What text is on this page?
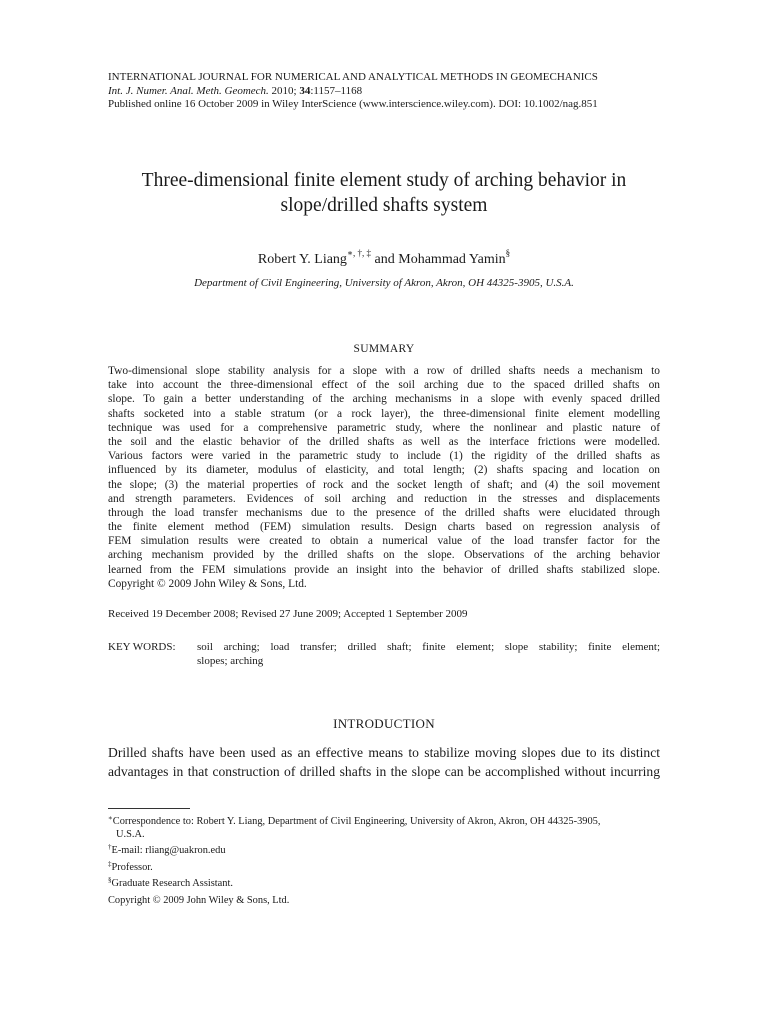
INTERNATIONAL JOURNAL FOR NUMERICAL AND ANALYTICAL METHODS IN GEOMECHANICS
Int. J. Numer. Anal. Meth. Geomech. 2010; 34:1157–1168
Published online 16 October 2009 in Wiley InterScience (www.interscience.wiley.com). DOI: 10.1002/nag.851
Three-dimensional finite element study of arching behavior in
slope/drilled shafts system
Robert Y. Liang∗, †, ‡ and Mohammad Yamin§
Department of Civil Engineering, University of Akron, Akron, OH 44325-3905, U.S.A.
SUMMARY
Two-dimensional slope stability analysis for a slope with a row of drilled shafts needs a mechanism to
take into account the three-dimensional effect of the soil arching due to the spaced drilled shafts on
slope. To gain a better understanding of the arching mechanisms in a slope with evenly spaced drilled
shafts socketed into a stable stratum (or a rock layer), the three-dimensional finite element modelling
technique was used for a comprehensive parametric study, where the nonlinear and plastic nature of
the soil and the elastic behavior of the drilled shafts as well as the interface frictions were modelled.
Various factors were varied in the parametric study to include (1) the rigidity of the drilled shafts as
influenced by its diameter, modulus of elasticity, and total length; (2) shafts spacing and location on
the slope; (3) the material properties of rock and the socket length of shaft; and (4) the soil movement
and strength parameters. Evidences of soil arching and reduction in the stresses and displacements
through the load transfer mechanisms due to the presence of the drilled shafts were elucidated through
the finite element method (FEM) simulation results. Design charts based on regression analysis of
FEM simulation results were created to obtain a numerical value of the load transfer factor for the
arching mechanism provided by the drilled shafts on the slope. Observations of the arching behavior
learned from the FEM simulations provide an insight into the behavior of drilled shafts stabilized slope.
Copyright © 2009 John Wiley & Sons, Ltd.
Received 19 December 2008; Revised 27 June 2009; Accepted 1 September 2009
KEY WORDS: soil arching; load transfer; drilled shaft; finite element; slope stability; finite element;
slopes; arching
INTRODUCTION
Drilled shafts have been used as an effective means to stabilize moving slopes due to its distinct
advantages in that construction of drilled shafts in the slope can be accomplished without incurring
∗Correspondence to: Robert Y. Liang, Department of Civil Engineering, University of Akron, Akron, OH 44325-3905,
U.S.A.
†E-mail: rliang@uakron.edu
‡Professor.
§Graduate Research Assistant.
Copyright © 2009 John Wiley & Sons, Ltd.
